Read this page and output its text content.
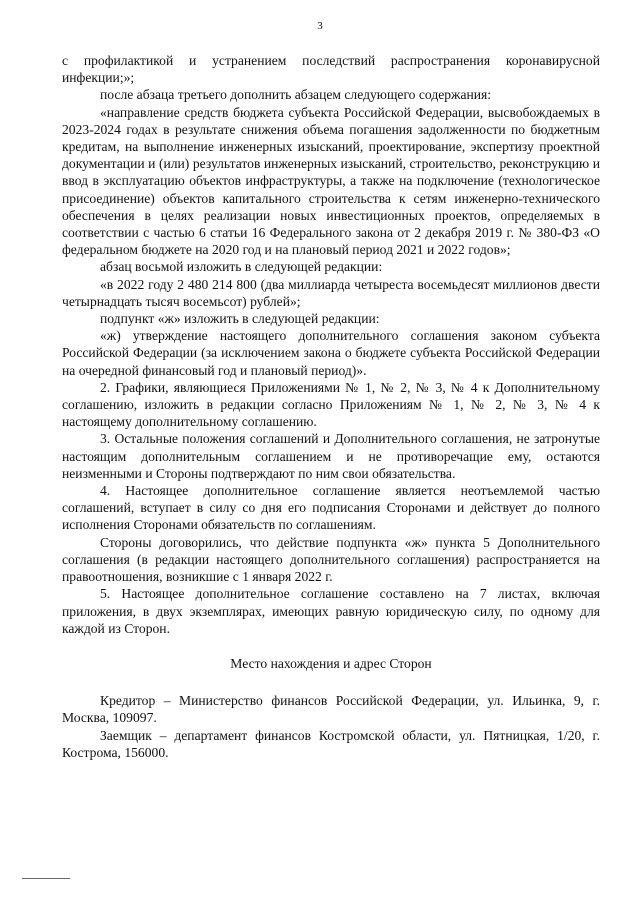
3

с профилактикой и устранением последствий распространения коронавирусной инфекции;»;

после абзаца третьего дополнить абзацем следующего содержания:

«направление средств бюджета субъекта Российской Федерации, высвобождаемых в 2023-2024 годах в результате снижения объема погашения задолженности по бюджетным кредитам, на выполнение инженерных изысканий, проектирование, экспертизу проектной документации и (или) результатов инженерных изысканий, строительство, реконструкцию и ввод в эксплуатацию объектов инфраструктуры, а также на подключение (технологическое присоединение) объектов капитального строительства к сетям инженерно-технического обеспечения в целях реализации новых инвестиционных проектов, определяемых в соответствии с частью 6 статьи 16 Федерального закона от 2 декабря 2019 г. № 380-ФЗ «О федеральном бюджете на 2020 год и на плановый период 2021 и 2022 годов»;

абзац восьмой изложить в следующей редакции:

«в 2022 году 2 480 214 800 (два миллиарда четыреста восемьдесят миллионов двести четырнадцать тысяч восемьсот) рублей»;

подпункт «ж» изложить в следующей редакции:

«ж) утверждение настоящего дополнительного соглашения законом субъекта Российской Федерации (за исключением закона о бюджете субъекта Российской Федерации на очередной финансовый год и плановый период)».

2. Графики, являющиеся Приложениями № 1, № 2, № 3, № 4 к Дополнительному соглашению, изложить в редакции согласно Приложениям № 1, № 2, № 3, № 4 к настоящему дополнительному соглашению.

3. Остальные положения соглашений и Дополнительного соглашения, не затронутые настоящим дополнительным соглашением и не противоречащие ему, остаются неизменными и Стороны подтверждают по ним свои обязательства.

4. Настоящее дополнительное соглашение является неотъемлемой частью соглашений, вступает в силу со дня его подписания Сторонами и действует до полного исполнения Сторонами обязательств по соглашениям.

Стороны договорились, что действие подпункта «ж» пункта 5 Дополнительного соглашения (в редакции настоящего дополнительного соглашения) распространяется на правоотношения, возникшие с 1 января 2022 г.

5. Настоящее дополнительное соглашение составлено на 7 листах, включая приложения, в двух экземплярах, имеющих равную юридическую силу, по одному для каждой из Сторон.

Место нахождения и адрес Сторон

Кредитор – Министерство финансов Российской Федерации, ул. Ильинка, 9, г. Москва, 109097.

Заемщик – департамент финансов Костромской области, ул. Пятницкая, 1/20, г. Кострома, 156000.
